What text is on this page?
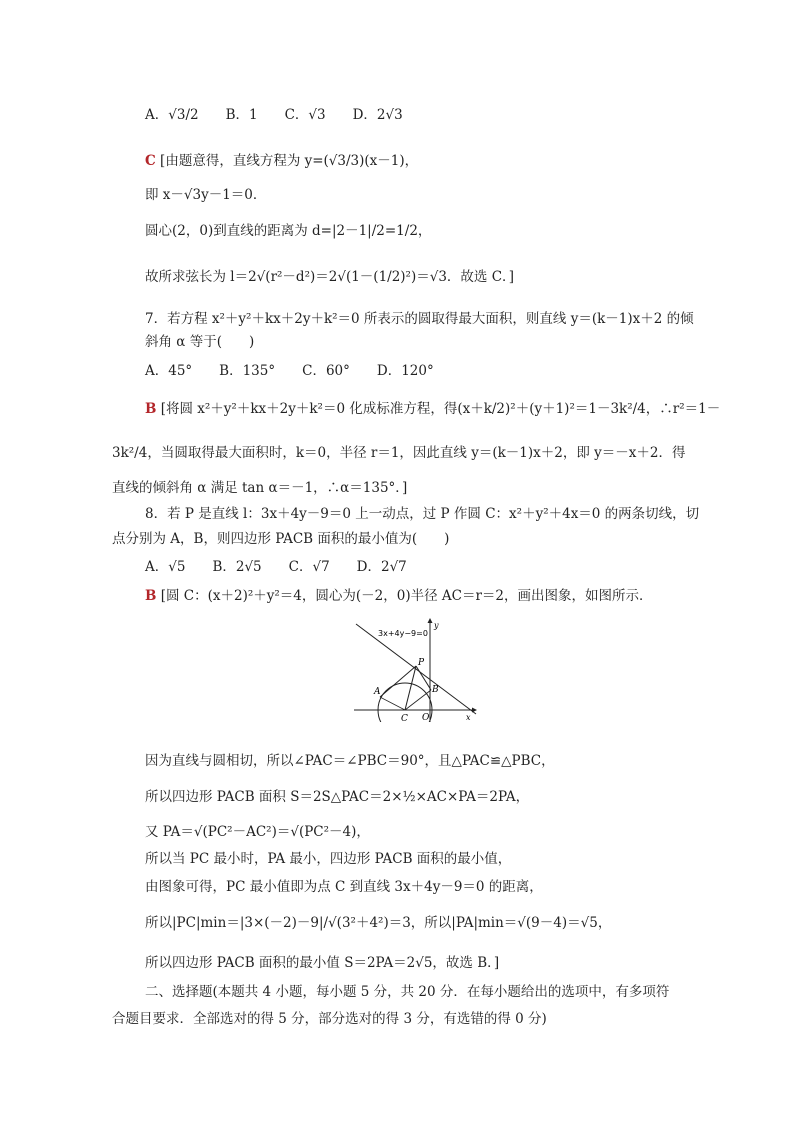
A．√3/2　　B．1　　C．√3　　D．2√3
C [由题意得，直线方程为 y=(√3/3)(x－1)，
即 x－√3y－1＝0．
圆心(2，0)到直线的距离为 d=|2－1|/2=1/2，
故所求弦长为 l＝2√(r²－d²)＝2√(1－(1/2)²)＝√3．故选 C．]
7．若方程 x²＋y²＋kx＋2y＋k²＝0 所表示的圆取得最大面积，则直线 y＝(k－1)x＋2 的倾
斜角 α 等于(　　)
A．45°　　B．135°　　C．60°　　D．120°
B [将圆 x²＋y²＋kx＋2y＋k²＝0 化成标准方程，得(x＋k/2)²＋(y＋1)²＝1－3k²/4，∴r²＝1－
3k²/4，当圆取得最大面积时，k＝0，半径 r＝1，因此直线 y＝(k－1)x＋2，即 y＝－x＋2．得
直线的倾斜角 α 满足 tan α＝－1，∴α＝135°．]
8．若 P 是直线 l：3x＋4y－9＝0 上一动点，过 P 作圆 C：x²＋y²＋4x＝0 的两条切线，切
点分别为 A，B，则四边形 PACB 面积的最小值为(　　)
A．√5　　B．2√5　　C．√7　　D．2√7
B [圆 C：(x＋2)²＋y²＝4，圆心为(－2，0)半径 AC＝r＝2，画出图象，如图所示．
3x+4y−9=0
y
P
A	B
C O	x
因为直线与圆相切，所以∠PAC＝∠PBC＝90°，且△PAC≌△PBC，
所以四边形 PACB 面积 S＝2S△PAC＝2×½×AC×PA＝2PA，
又 PA＝√(PC²－AC²)＝√(PC²－4)，
所以当 PC 最小时，PA 最小，四边形 PACB 面积的最小值，
由图象可得，PC 最小值即为点 C 到直线 3x＋4y－9＝0 的距离，
所以|PC|min＝|3×(－2)－9|/√(3²＋4²)＝3，所以|PA|min＝√(9－4)＝√5，
所以四边形 PACB 面积的最小值 S＝2PA＝2√5，故选 B．]
二、选择题(本题共 4 小题，每小题 5 分，共 20 分．在每小题给出的选项中，有多项符
合题目要求．全部选对的得 5 分，部分选对的得 3 分，有选错的得 0 分)
